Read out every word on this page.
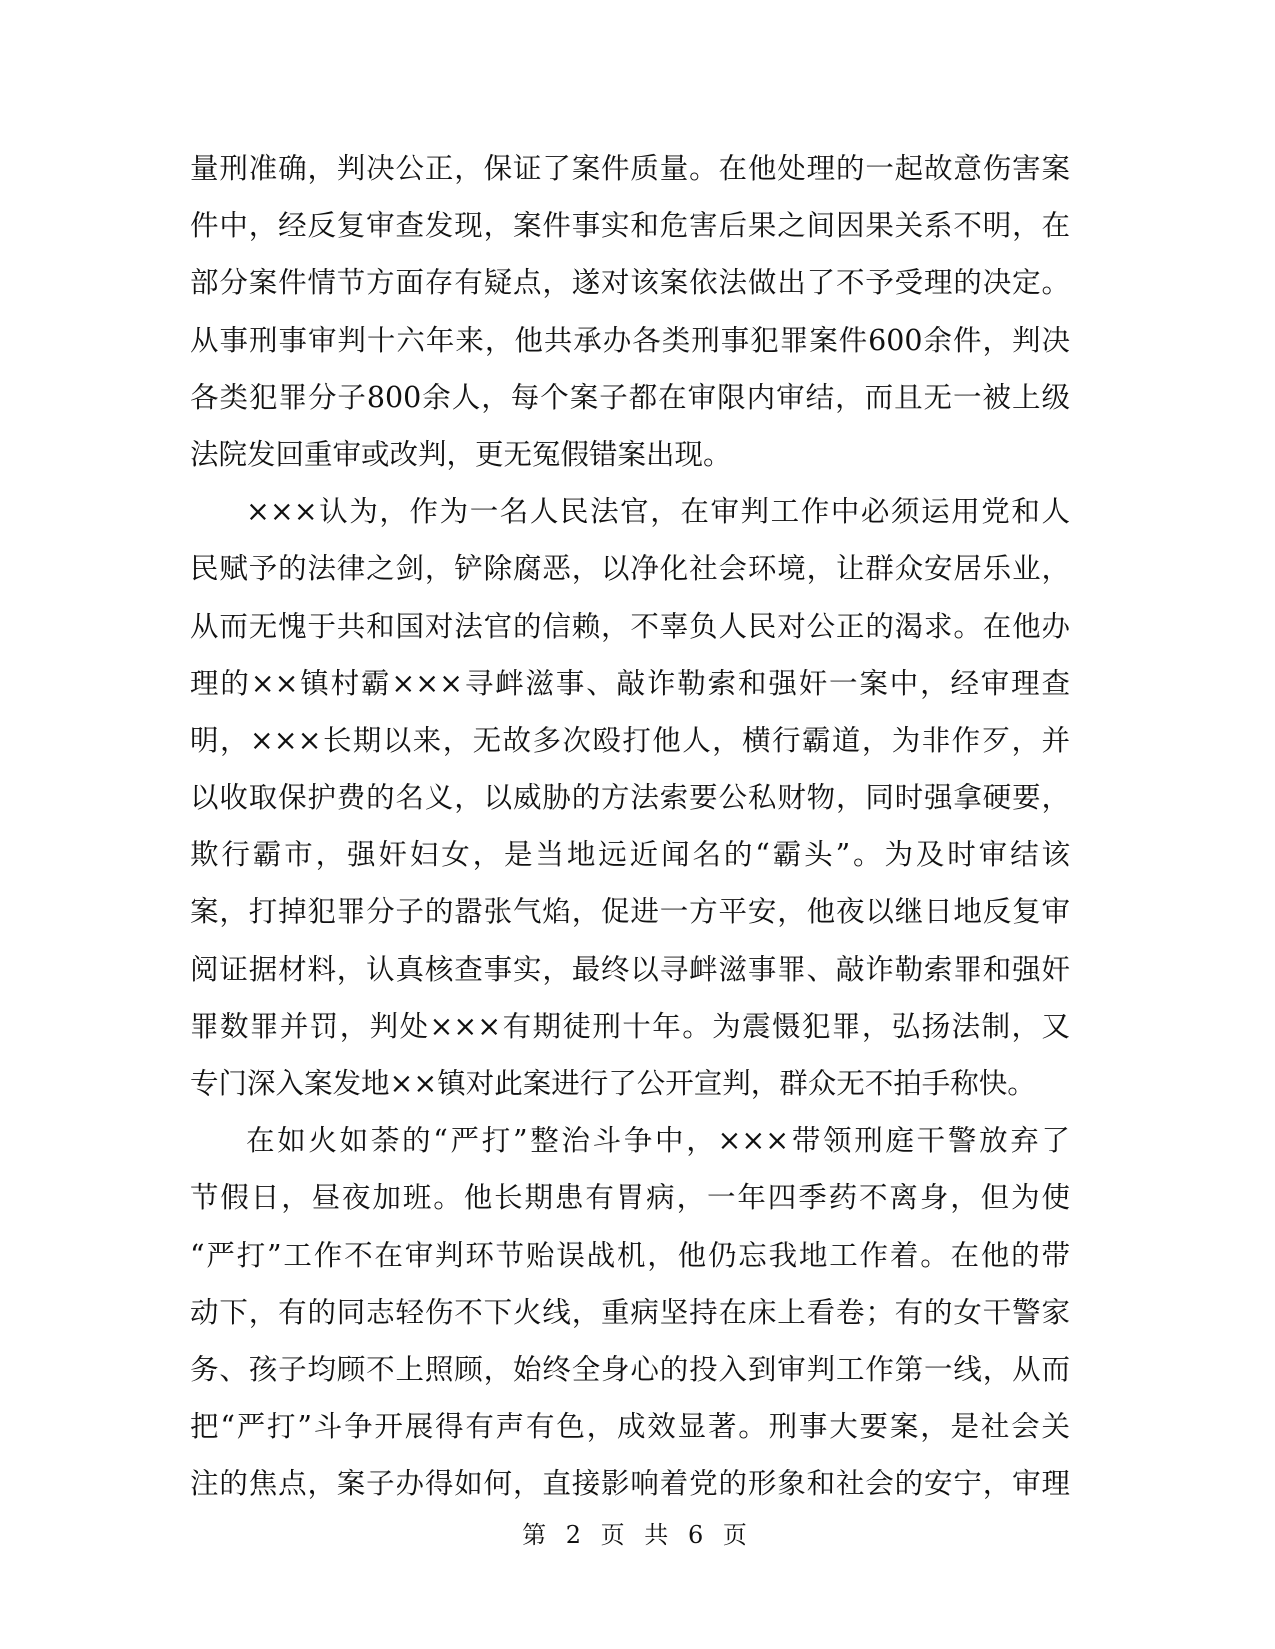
量刑准确，判决公正，保证了案件质量。在他处理的一起故意伤害案
件中，经反复审查发现，案件事实和危害后果之间因果关系不明，在
部分案件情节方面存有疑点，遂对该案依法做出了不予受理的决定。
从事刑事审判十六年来，他共承办各类刑事犯罪案件600余件，判决
各类犯罪分子800余人，每个案子都在审限内审结，而且无一被上级
法院发回重审或改判，更无冤假错案出现。
×××认为，作为一名人民法官，在审判工作中必须运用党和人
民赋予的法律之剑，铲除腐恶，以净化社会环境，让群众安居乐业，
从而无愧于共和国对法官的信赖，不辜负人民对公正的渴求。在他办
理的××镇村霸×××寻衅滋事、敲诈勒索和强奸一案中，经审理查
明，×××长期以来，无故多次殴打他人，横行霸道，为非作歹，并
以收取保护费的名义，以威胁的方法索要公私财物，同时强拿硬要，
欺行霸市，强奸妇女，是当地远近闻名的“霸头”。为及时审结该
案，打掉犯罪分子的嚣张气焰，促进一方平安，他夜以继日地反复审
阅证据材料，认真核查事实，最终以寻衅滋事罪、敲诈勒索罪和强奸
罪数罪并罚，判处×××有期徒刑十年。为震慑犯罪，弘扬法制，又
专门深入案发地××镇对此案进行了公开宣判，群众无不拍手称快。
在如火如荼的“严打”整治斗争中，×××带领刑庭干警放弃了
节假日，昼夜加班。他长期患有胃病，一年四季药不离身，但为使
“严打”工作不在审判环节贻误战机，他仍忘我地工作着。在他的带
动下，有的同志轻伤不下火线，重病坚持在床上看卷；有的女干警家
务、孩子均顾不上照顾，始终全身心的投入到审判工作第一线，从而
把“严打”斗争开展得有声有色，成效显著。刑事大要案，是社会关
注的焦点，案子办得如何，直接影响着党的形象和社会的安宁，审理
第 2 页 共 6 页
